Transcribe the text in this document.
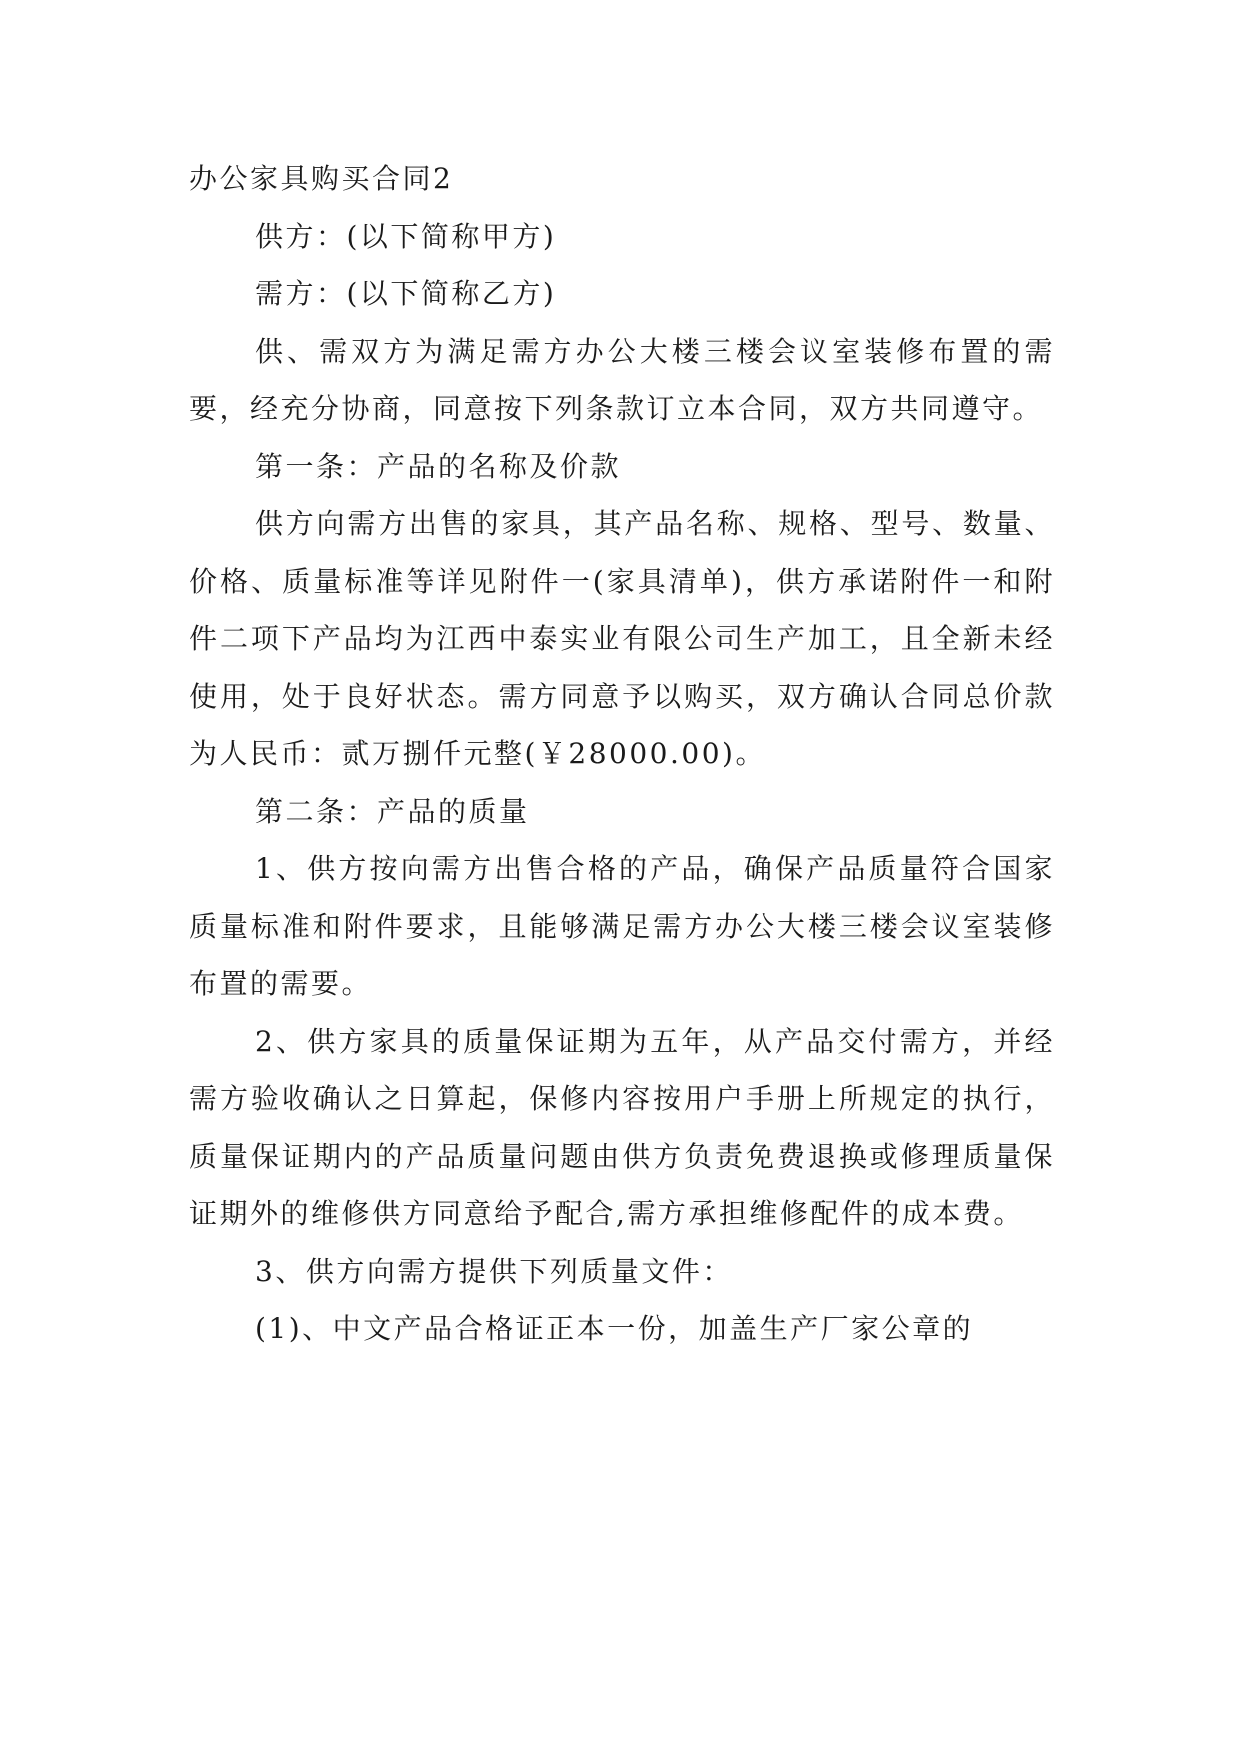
办公家具购买合同2

供方：(以下简称甲方)

需方：(以下简称乙方)

供、需双方为满足需方办公大楼三楼会议室装修布置的需要，经充分协商，同意按下列条款订立本合同，双方共同遵守。

第一条：产品的名称及价款

供方向需方出售的家具，其产品名称、规格、型号、数量、价格、质量标准等详见附件一(家具清单)，供方承诺附件一和附件二项下产品均为江西中泰实业有限公司生产加工，且全新未经使用，处于良好状态。需方同意予以购买，双方确认合同总价款为人民币：贰万捌仟元整(￥28000.00)。

第二条：产品的质量

1、供方按向需方出售合格的产品，确保产品质量符合国家质量标准和附件要求，且能够满足需方办公大楼三楼会议室装修布置的需要。

2、供方家具的质量保证期为五年，从产品交付需方，并经需方验收确认之日算起，保修内容按用户手册上所规定的执行，质量保证期内的产品质量问题由供方负责免费退换或修理质量保证期外的维修供方同意给予配合,需方承担维修配件的成本费。

3、供方向需方提供下列质量文件：

(1)、中文产品合格证正本一份，加盖生产厂家公章的
